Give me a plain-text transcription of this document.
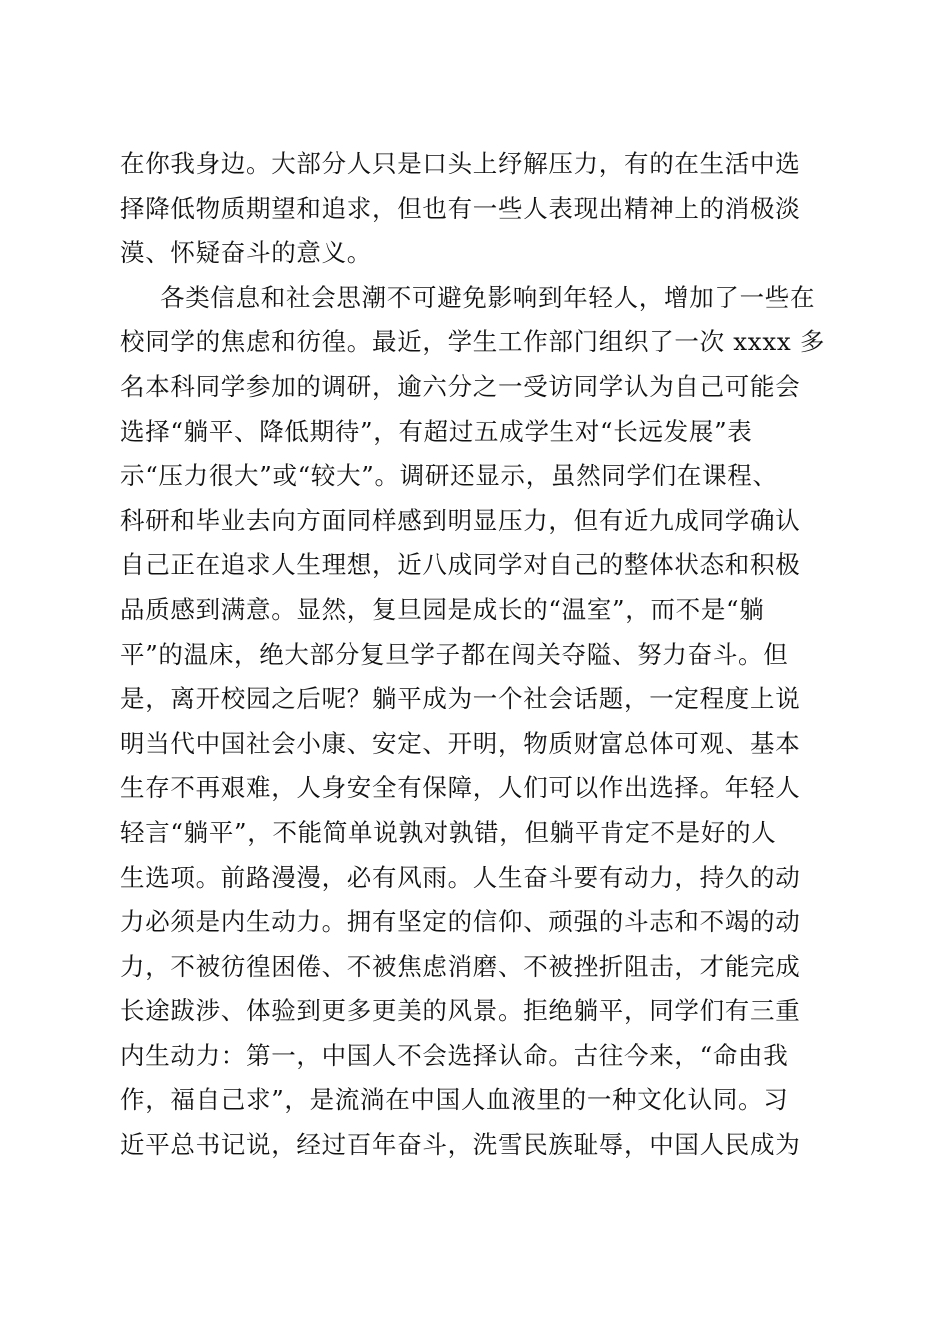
在你我身边。大部分人只是口头上纾解压力，有的在生活中选
择降低物质期望和追求，但也有一些人表现出精神上的消极淡
漠、怀疑奋斗的意义。
各类信息和社会思潮不可避免影响到年轻人，增加了一些在
校同学的焦虑和彷徨。最近，学生工作部门组织了一次 xxxx 多
名本科同学参加的调研，逾六分之一受访同学认为自己可能会
选择“躺平、降低期待”，有超过五成学生对“长远发展”表
示“压力很大”或“较大”。调研还显示，虽然同学们在课程、
科研和毕业去向方面同样感到明显压力，但有近九成同学确认
自己正在追求人生理想，近八成同学对自己的整体状态和积极
品质感到满意。显然，复旦园是成长的“温室”，而不是“躺
平”的温床，绝大部分复旦学子都在闯关夺隘、努力奋斗。但
是，离开校园之后呢？躺平成为一个社会话题，一定程度上说
明当代中国社会小康、安定、开明，物质财富总体可观、基本
生存不再艰难，人身安全有保障，人们可以作出选择。年轻人
轻言“躺平”，不能简单说孰对孰错，但躺平肯定不是好的人
生选项。前路漫漫，必有风雨。人生奋斗要有动力，持久的动
力必须是内生动力。拥有坚定的信仰、顽强的斗志和不竭的动
力，不被彷徨困倦、不被焦虑消磨、不被挫折阻击，才能完成
长途跋涉、体验到更多更美的风景。拒绝躺平，同学们有三重
内生动力：第一，中国人不会选择认命。古往今来，“命由我
作，福自己求”，是流淌在中国人血液里的一种文化认同。习
近平总书记说，经过百年奋斗，洗雪民族耻辱，中国人民成为
